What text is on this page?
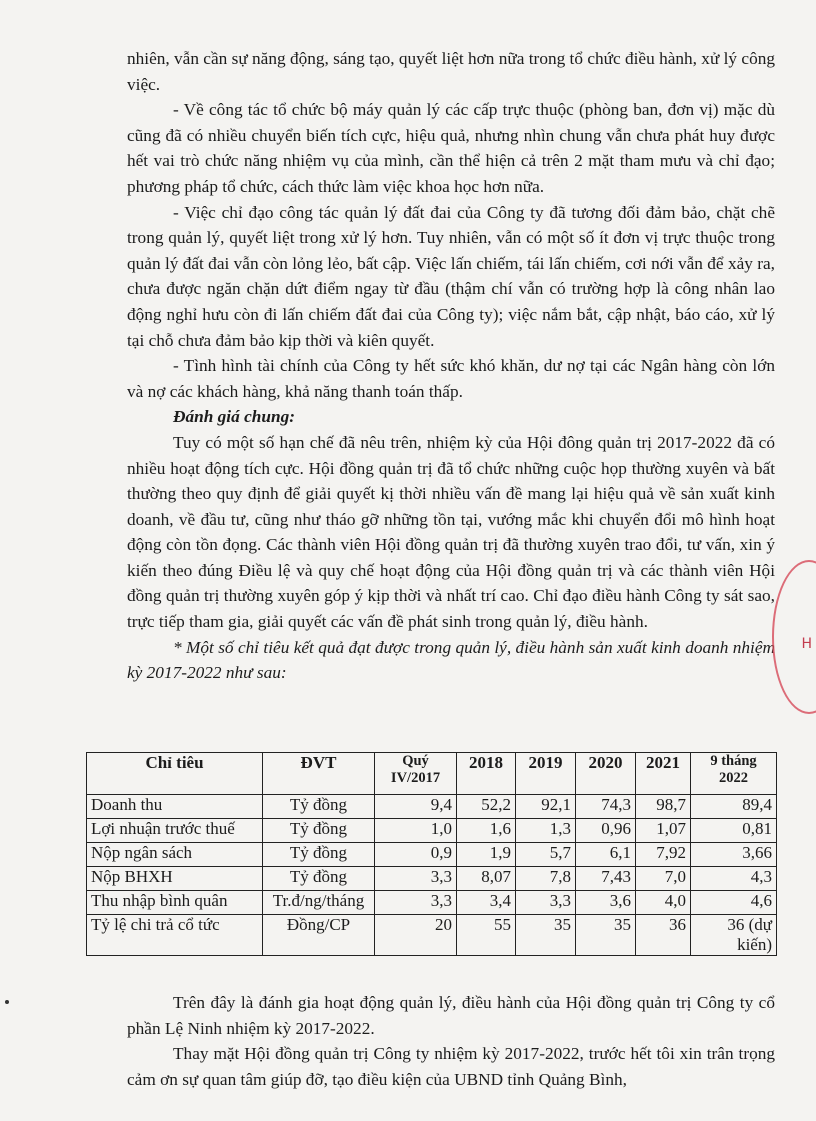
nhiên, vẫn cần sự năng động, sáng tạo, quyết liệt hơn nữa trong tổ chức điều hành, xử lý công việc.

- Về công tác tổ chức bộ máy quản lý các cấp trực thuộc (phòng ban, đơn vị) mặc dù cũng đã có nhiều chuyển biến tích cực, hiệu quả, nhưng nhìn chung vẫn chưa phát huy được hết vai trò chức năng nhiệm vụ của mình, cần thể hiện cả trên 2 mặt tham mưu và chỉ đạo; phương pháp tổ chức, cách thức làm việc khoa học hơn nữa.

- Việc chỉ đạo công tác quản lý đất đai của Công ty đã tương đối đảm bảo, chặt chẽ trong quản lý, quyết liệt trong xử lý hơn. Tuy nhiên, vẫn có một số ít đơn vị trực thuộc trong quản lý đất đai vẫn còn lỏng lẻo, bất cập. Việc lấn chiếm, tái lấn chiếm, cơi nới vẫn để xảy ra, chưa được ngăn chặn dứt điểm ngay từ đầu (thậm chí vẫn có trường hợp là công nhân lao động nghỉ hưu còn đi lấn chiếm đất đai của Công ty); việc nắm bắt, cập nhật, báo cáo, xử lý tại chỗ chưa đảm bảo kịp thời và kiên quyết.

- Tình hình tài chính của Công ty hết sức khó khăn, dư nợ tại các Ngân hàng còn lớn và nợ các khách hàng, khả năng thanh toán thấp.

Đánh giá chung:

Tuy có một số hạn chế đã nêu trên, nhiệm kỳ của Hội đông quản trị 2017-2022 đã có nhiều hoạt động tích cực. Hội đồng quản trị đã tổ chức những cuộc họp thường xuyên và bất thường theo quy định để giải quyết kị thời nhiều vấn đề mang lại hiệu quả về sản xuất kinh doanh, về đầu tư, cũng như tháo gỡ những tồn tại, vướng mắc khi chuyển đổi mô hình hoạt động còn tồn đọng. Các thành viên Hội đồng quản trị đã thường xuyên trao đổi, tư vấn, xin ý kiến theo đúng Điều lệ và quy chế hoạt động của Hội đồng quản trị và các thành viên Hội đồng quản trị thường xuyên góp ý kịp thời và nhất trí cao. Chỉ đạo điều hành Công ty sát sao, trực tiếp tham gia, giải quyết các vấn đề phát sinh trong quản lý, điều hành.

* Một số chỉ tiêu kết quả đạt được trong quản lý, điều hành sản xuất kinh doanh nhiệm kỳ 2017-2022 như sau:

Chỉ tiêu	ĐVT	Quý IV/2017	2018	2019	2020	2021	9 tháng 2022
Doanh thu	Tỷ đồng	9,4	52,2	92,1	74,3	98,7	89,4
Lợi nhuận trước thuế	Tỷ đồng	1,0	1,6	1,3	0,96	1,07	0,81
Nộp ngân sách	Tỷ đồng	0,9	1,9	5,7	6,1	7,92	3,66
Nộp BHXH	Tỷ đồng	3,3	8,07	7,8	7,43	7,0	4,3
Thu nhập bình quân	Tr.đ/ng/tháng	3,3	3,4	3,3	3,6	4,0	4,6
Tỷ lệ chi trả cổ tức	Đồng/CP	20	55	35	35	36	36 (dự kiến)

Trên đây là đánh gia hoạt động quản lý, điều hành của Hội đồng quản trị Công ty cổ phần Lệ Ninh nhiệm kỳ 2017-2022.

Thay mặt Hội đồng quản trị Công ty nhiệm kỳ 2017-2022, trước hết tôi xin trân trọng cảm ơn sự quan tâm giúp đỡ, tạo điều kiện của UBND tỉnh Quảng Bình,

H
